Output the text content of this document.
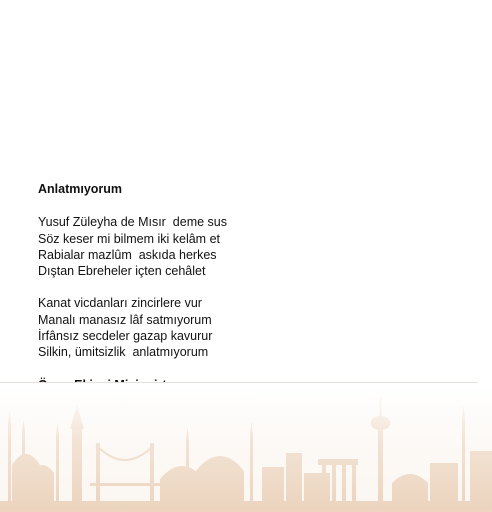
Anlatmıyorum
Yusuf Züleyha de Mısır  deme sus
Söz keser mi bilmem iki kelâm et
Rabialar mazlûm  askıda herkes
Dıştan Ebreheler içten cehâlet
Kanat vicdanları zincirlere vur
Manalı manasız lâf satmıyorum
İrfânsız secdeler gazap kavurur
Silkin, ümitsizlik  anlatmıyorum
